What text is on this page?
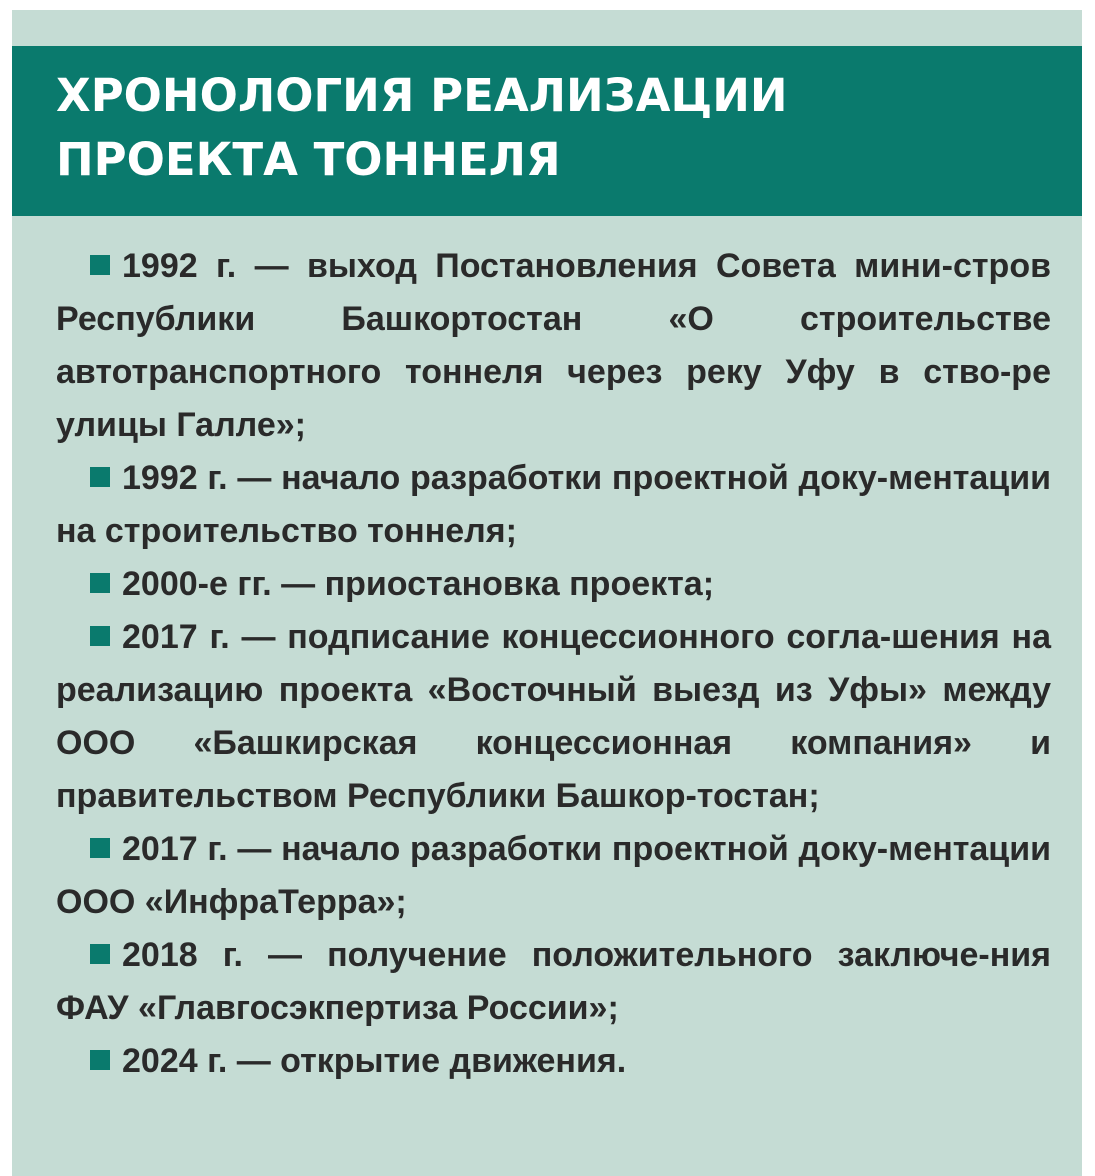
ХРОНОЛОГИЯ РЕАЛИЗАЦИИ
ПРОЕКТА ТОННЕЛЯ

1992 г. — выход Постановления Совета мини-стров Республики Башкортостан «О строительстве автотранспортного тоннеля через реку Уфу в ство-ре улицы Галле»;

1992 г. — начало разработки проектной доку-ментации на строительство тоннеля;

2000-е гг. — приостановка проекта;

2017 г. — подписание концессионного согла-шения на реализацию проекта «Восточный выезд из Уфы» между ООО «Башкирская концессионная компания» и правительством Республики Башкор-тостан;

2017 г. — начало разработки проектной доку-ментации ООО «ИнфраТерра»;

2018 г. — получение положительного заключе-ния ФАУ «Главгосэкпертиза России»;

2024 г. — открытие движения.
